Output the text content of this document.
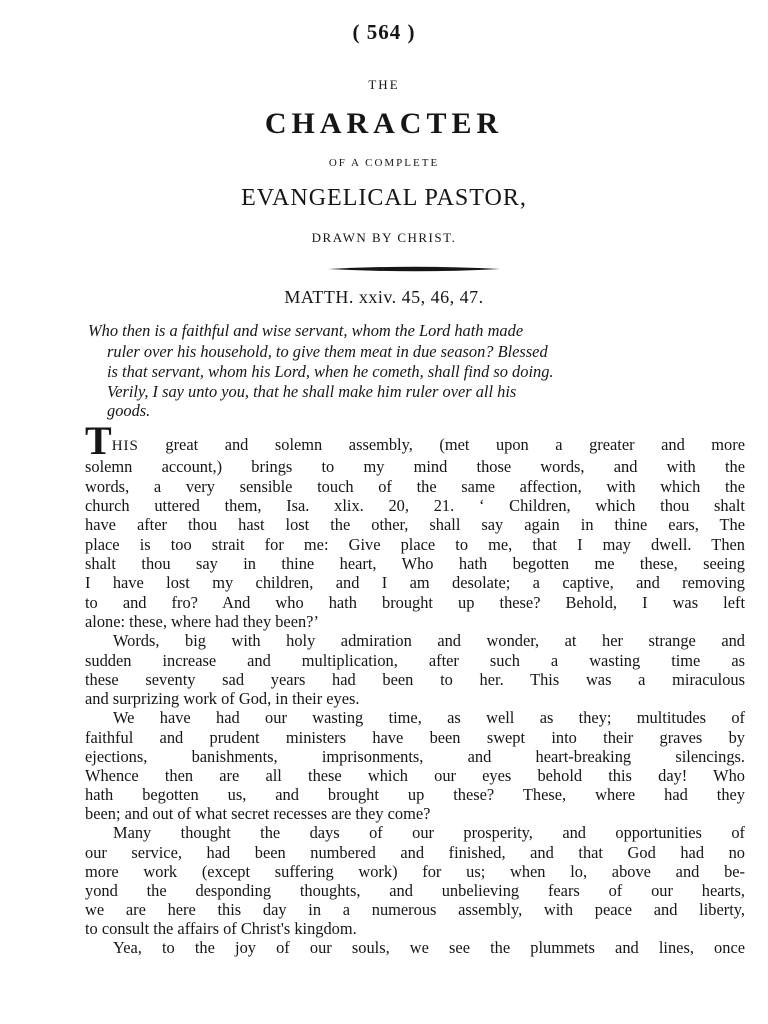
( 564 )
THE
CHARACTER
OF A COMPLETE
EVANGELICAL PASTOR,
DRAWN BY CHRIST.
MATTH. xxiv. 45, 46, 47.
Who then is a faithful and wise servant, whom the Lord hath made
ruler over his household, to give them meat in due season? Blessed
is that servant, whom his Lord, when he cometh, shall find so doing.
Verily, I say unto you, that he shall make him ruler over all his
goods.
THIS great and solemn assembly, (met upon a greater and more
solemn account,) brings to my mind those words, and with the
words, a very sensible touch of the same affection, with which the
church uttered them, Isa. xlix. 20, 21. ‘ Children, which thou shalt
have after thou hast lost the other, shall say again in thine ears, The
place is too strait for me: Give place to me, that I may dwell. Then
shalt thou say in thine heart, Who hath begotten me these, seeing
I have lost my children, and I am desolate; a captive, and removing
to and fro? And who hath brought up these? Behold, I was left
alone: these, where had they been?’
Words, big with holy admiration and wonder, at her strange and
sudden increase and multiplication, after such a wasting time as
these seventy sad years had been to her. This was a miraculous
and surprizing work of God, in their eyes.
We have had our wasting time, as well as they; multitudes of
faithful and prudent ministers have been swept into their graves by
ejections, banishments, imprisonments, and heart-breaking silencings.
Whence then are all these which our eyes behold this day! Who
hath begotten us, and brought up these? These, where had they
been; and out of what secret recesses are they come?
Many thought the days of our prosperity, and opportunities of
our service, had been numbered and finished, and that God had no
more work (except suffering work) for us; when lo, above and be-
yond the desponding thoughts, and unbelieving fears of our hearts,
we are here this day in a numerous assembly, with peace and liberty,
to consult the affairs of Christ's kingdom.
Yea, to the joy of our souls, we see the plummets and lines, once
